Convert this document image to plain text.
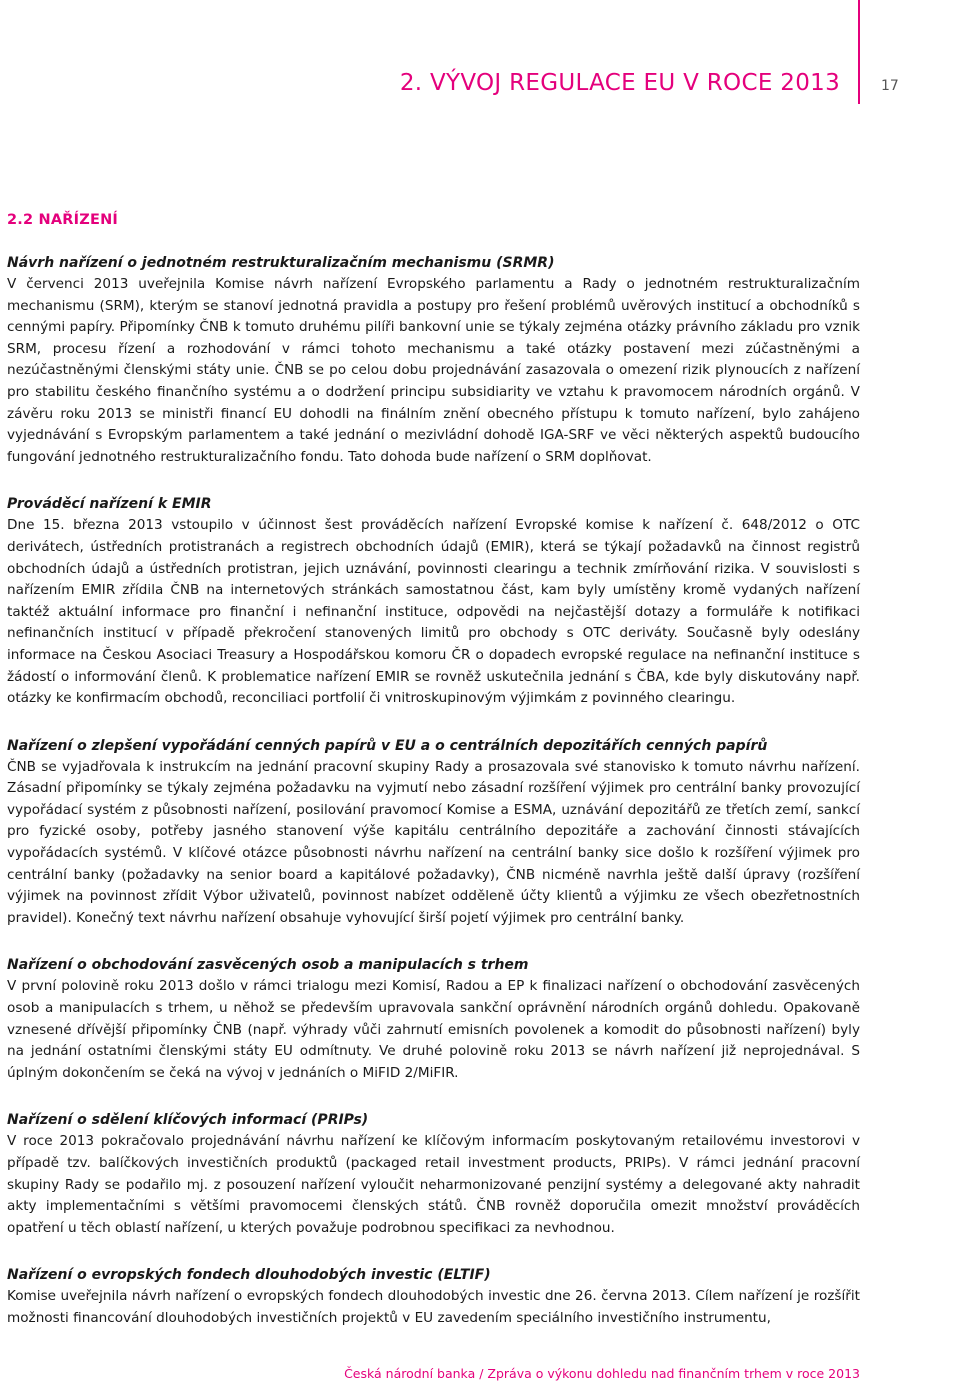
2. VÝVOJ REGULACE EU V ROCE 2013	17
2.2 NAŘÍZENÍ

Návrh nařízení o jednotném restrukturalizačním mechanismu (SRMR)

V červenci 2013 uveřejnila Komise návrh nařízení Evropského parlamentu a Rady o jednotném restrukturalizačním mechanismu (SRM), kterým se stanoví jednotná pravidla a postupy pro řešení problémů uvěrových institucí a obchodníků s cennými papíry. Připomínky ČNB k tomuto druhému pilíři bankovní unie se týkaly zejména otázky právního základu pro vznik SRM, procesu řízení a rozhodování v rámci tohoto mechanismu a také otázky postavení mezi zúčastněnými a nezúčastněnými členskými státy unie. ČNB se po celou dobu projednávání zasazovala o omezení rizik plynoucích z nařízení pro stabilitu českého finančního systému a o dodržení principu subsidiarity ve vztahu k pravomocem národních orgánů. V závěru roku 2013 se ministři financí EU dohodli na finálním znění obecného přístupu k tomuto nařízení, bylo zahájeno vyjednávání s Evropským parlamentem a také jednání o mezivládní dohodě IGA-SRF ve věci některých aspektů budoucího fungování jednotného restrukturalizačního fondu. Tato dohoda bude nařízení o SRM doplňovat.

Prováděcí nařízení k EMIR

Dne 15. března 2013 vstoupilo v účinnost šest prováděcích nařízení Evropské komise k nařízení č. 648/2012 o OTC derivátech, ústředních protistranách a registrech obchodních údajů (EMIR), která se týkají požadavků na činnost registrů obchodních údajů a ústředních protistran, jejich uznávání, povinnosti clearingu a technik zmírňování rizika. V souvislosti s nařízením EMIR zřídila ČNB na internetových stránkách samostatnou část, kam byly umístěny kromě vydaných nařízení taktéž aktuální informace pro finanční i nefinanční instituce, odpovědi na nejčastější dotazy a formuláře k notifikaci nefinančních institucí v případě překročení stanovených limitů pro obchody s OTC deriváty. Současně byly odeslány informace na Českou Asociaci Treasury a Hospodářskou komoru ČR o dopadech evropské regulace na nefinanční instituce s žádostí o informování členů. K problematice nařízení EMIR se rovněž uskutečnila jednání s ČBA, kde byly diskutovány např. otázky ke konfirmacím obchodů, reconciliaci portfolií či vnitroskupinovým výjimkám z povinného clearingu.

Nařízení o zlepšení vypořádání cenných papírů v EU a o centrálních depozitářích cenných papírů

ČNB se vyjadřovala k instrukcím na jednání pracovní skupiny Rady a prosazovala své stanovisko k tomuto návrhu nařízení. Zásadní připomínky se týkaly zejména požadavku na vyjmutí nebo zásadní rozšíření výjimek pro centrální banky provozující vypořádací systém z působnosti nařízení, posilování pravomocí Komise a ESMA, uznávání depozitářů ze třetích zemí, sankcí pro fyzické osoby, potřeby jasného stanovení výše kapitálu centrálního depozitáře a zachování činnosti stávajících vypořádacích systémů. V klíčové otázce působnosti návrhu nařízení na centrální banky sice došlo k rozšíření výjimek pro centrální banky (požadavky na senior board a kapitálové požadavky), ČNB nicméně navrhla ještě další úpravy (rozšíření výjimek na povinnost zřídit Výbor uživatelů, povinnost nabízet odděleně účty klientů a výjimku ze všech obezřetnostních pravidel). Konečný text návrhu nařízení obsahuje vyhovující širší pojetí výjimek pro centrální banky.

Nařízení o obchodování zasvěcených osob a manipulacích s trhem

V první polovině roku 2013 došlo v rámci trialogu mezi Komisí, Radou a EP k finalizaci nařízení o obchodování zasvěcených osob a manipulacích s trhem, u něhož se především upravovala sankční oprávnění národních orgánů dohledu. Opakovaně vznesené dřívější připomínky ČNB (např. výhrady vůči zahrnutí emisních povolenek a komodit do působnosti nařízení) byly na jednání ostatními členskými státy EU odmítnuty. Ve druhé polovině roku 2013 se návrh nařízení již neprojednával. S úplným dokončením se čeká na vývoj v jednáních o MiFID 2/MiFIR.

Nařízení o sdělení klíčových informací (PRIPs)

V roce 2013 pokračovalo projednávání návrhu nařízení ke klíčovým informacím poskytovaným retailovému investorovi v případě tzv. balíčkových investičních produktů (packaged retail investment products, PRIPs). V rámci jednání pracovní skupiny Rady se podařilo mj. z posouzení nařízení vyloučit neharmonizované penzijní systémy a delegované akty nahradit akty implementačními s většími pravomocemi členských států. ČNB rovněž doporučila omezit množství prováděcích opatření u těch oblastí nařízení, u kterých považuje podrobnou specifikaci za nevhodnou.

Nařízení o evropských fondech dlouhodobých investic (ELTIF)

Komise uveřejnila návrh nařízení o evropských fondech dlouhodobých investic dne 26. června 2013. Cílem nařízení je rozšířit možnosti financování dlouhodobých investičních projektů v EU zavedením speciálního investičního instrumentu,

Česká národní banka / Zpráva o výkonu dohledu nad finančním trhem v roce 2013
